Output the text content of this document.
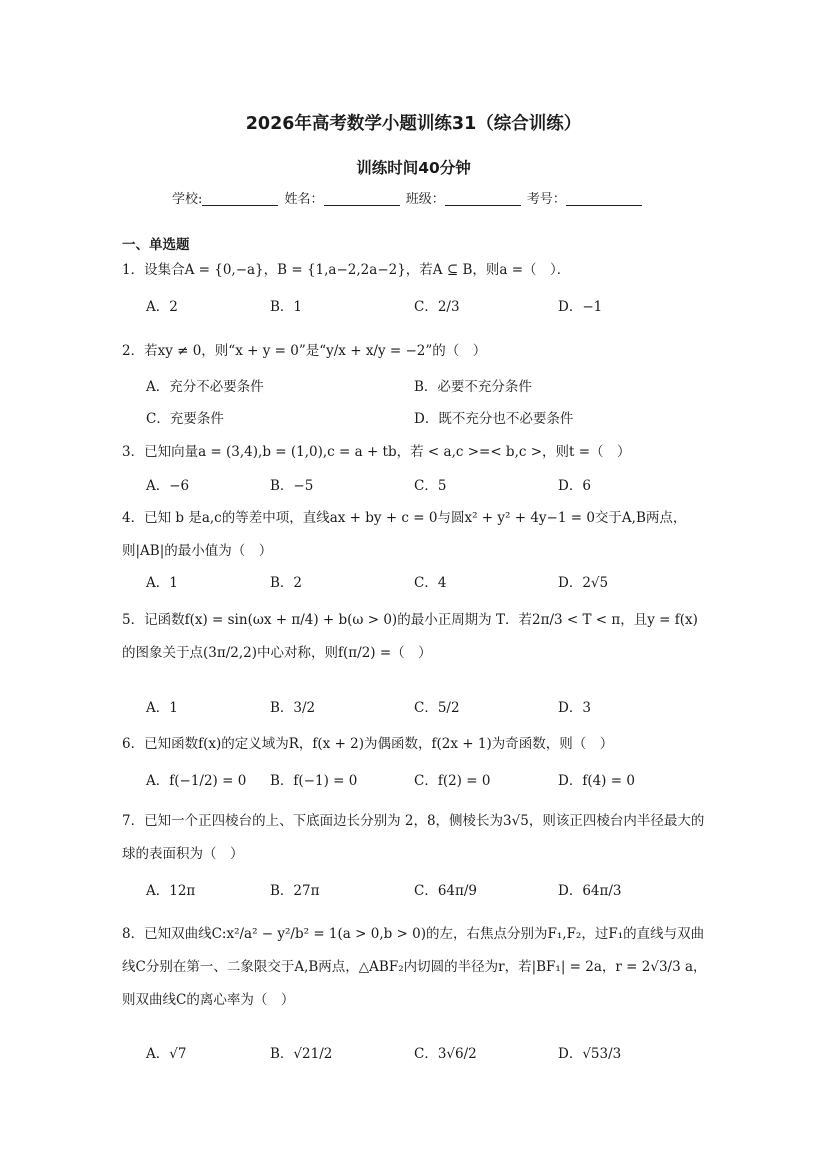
2026年高考数学小题训练31（综合训练）
训练时间40分钟
学校:	姓名：	班级：	考号：
一、单选题
1．设集合A = {0,−a}，B = {1,a−2,2a−2}，若A ⊆ B，则a =（　）．
A．2	B．1	C．2/3	D．−1
2．若xy ≠ 0，则“x + y = 0”是“y/x + x/y = −2”的（　）
A．充分不必要条件	B．必要不充分条件
C．充要条件	D．既不充分也不必要条件
3．已知向量a = (3,4),b = (1,0),c = a + tb，若 < a,c >=< b,c >，则t =（　）
A．−6	B．−5	C．5	D．6
4．已知 b 是a,c的等差中项，直线ax + by + c = 0与圆x² + y² + 4y−1 = 0交于A,B两点，则|AB|的最小值为（　）
A．1	B．2	C．4	D．2√5
5．记函数f(x) = sin(ωx + π/4) + b(ω > 0)的最小正周期为 T．若2π/3 < T < π，且y = f(x)的图象关于点(3π/2,2)中心对称，则f(π/2) =（　）
A．1	B．3/2	C．5/2	D．3
6．已知函数f(x)的定义域为R，f(x + 2)为偶函数，f(2x + 1)为奇函数，则（　）
A．f(−1/2) = 0 B．f(−1) = 0	C．f(2) = 0	D．f(4) = 0
7．已知一个正四棱台的上、下底面边长分别为 2，8，侧棱长为3√5，则该正四棱台内半径最大的球的表面积为（　）
A．12π	B．27π	C．64π/9	D．64π/3
8．已知双曲线C:x²/a² − y²/b² = 1(a > 0,b > 0)的左，右焦点分别为F₁,F₂，过F₁的直线与双曲线C分别在第一、二象限交于A,B两点，△ABF₂内切圆的半径为r，若|BF₁| = 2a，r = 2√3/3 a，则双曲线C的离心率为（　）
A．√7	B．√21/2	C．3√6/2	D．√53/3
